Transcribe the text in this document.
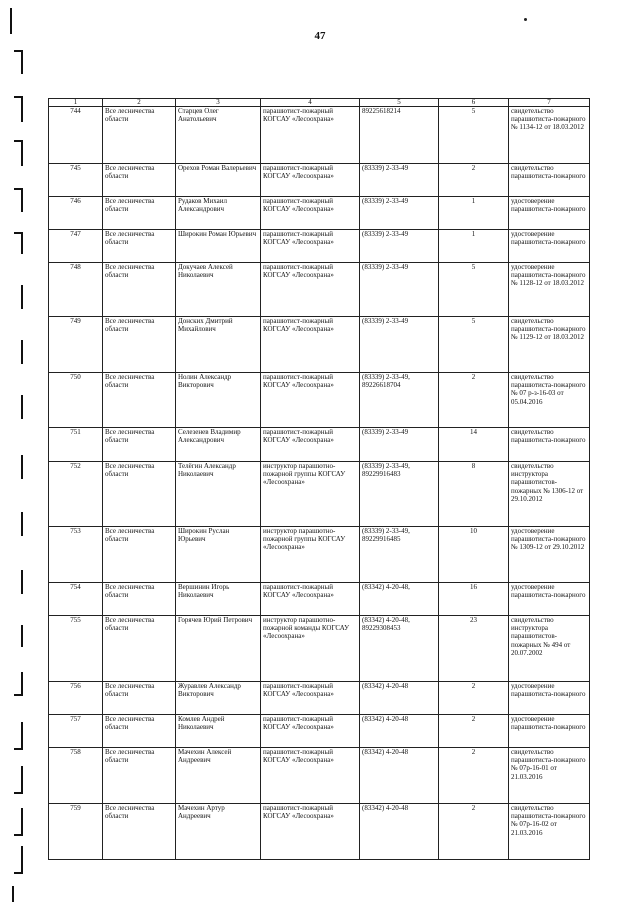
47
1	2	3	4	5	6	7
744	Все лесничества области	Старцев Олег Анатольевич	парашютист-пожарный КОГСАУ «Лесоохрана»	89225618214	5	свидетельство парашютиста-пожарного № 1134-12 от 18.03.2012
745	Все лесничества области	Орехов Роман Валерьевич	парашютист-пожарный КОГСАУ «Лесоохрана»	(83339) 2-33-49	2	свидетельство парашютиста-пожарного
746	Все лесничества области	Рудаков Михаил Александрович	парашютист-пожарный КОГСАУ «Лесоохрана»	(83339) 2-33-49	1	удостоверение парашютиста-пожарного
747	Все лесничества области	Широкин Роман Юрьевич	парашютист-пожарный КОГСАУ «Лесоохрана»	(83339) 2-33-49	1	удостоверение парашютиста-пожарного
748	Все лесничества области	Докучаев Алексей Николаевич	парашютист-пожарный КОГСАУ «Лесоохрана»	(83339) 2-33-49	5	удостоверение парашютиста-пожарного № 1128-12 от 18.03.2012
749	Все лесничества области	Донских Дмитрий Михайлович	парашютист-пожарный КОГСАУ «Лесоохрана»	(83339) 2-33-49	5	свидетельство парашютиста-пожарного № 1129-12 от 18.03.2012
750	Все лесничества области	Нолин Александр Викторович	парашютист-пожарный КОГСАУ «Лесоохрана»	(83339) 2-33-49, 89226618704	2	свидетельство парашютиста-пожарного № 07 р-з-16-03 от 05.04.2016
751	Все лесничества области	Селезенев Владимир Александрович	парашютист-пожарный КОГСАУ «Лесоохрана»	(83339) 2-33-49	14	свидетельство парашютиста-пожарного
752	Все лесничества области	Телёгин Александр Николаевич	инструктор парашютно-пожарной группы КОГСАУ «Лесоохрана»	(83339) 2-33-49, 89229916483	8	свидетельство инструктора парашютистов-пожарных № 1306-12 от 29.10.2012
753	Все лесничества области	Широкин Руслан Юрьевич	инструктор парашютно-пожарной группы КОГСАУ «Лесоохрана»	(83339) 2-33-49, 89229916485	10	удостоверение парашютиста-пожарного № 1309-12 от 29.10.2012
754	Все лесничества области	Вершинин Игорь Николаевич	парашютист-пожарный КОГСАУ «Лесоохрана»	(83342) 4-20-48,	16	удостоверение парашютиста-пожарного
755	Все лесничества области	Горячев Юрий Петрович	инструктор парашютно-пожарной команды КОГСАУ «Лесоохрана»	(83342) 4-20-48, 89229308453	23	свидетельство инструктора парашютистов-пожарных № 494 от 20.07.2002
756	Все лесничества области	Журавлев Александр Викторович	парашютист-пожарный КОГСАУ «Лесоохрана»	(83342) 4-20-48	2	удостоверение парашютиста-пожарного
757	Все лесничества области	Комлев Андрей Николаевич	парашютист-пожарный КОГСАУ «Лесоохрана»	(83342) 4-20-48	2	удостоверение парашютиста-пожарного
758	Все лесничества области	Мачехин Алексей Андреевич	парашютист-пожарный КОГСАУ «Лесоохрана»	(83342) 4-20-48	2	свидетельство парашютиста-пожарного № 07р-16-01 от 21.03.2016
759	Все лесничества области	Мачехин Артур Андреевич	парашютист-пожарный КОГСАУ «Лесоохрана»	(83342) 4-20-48	2	свидетельство парашютиста-пожарного № 07р-16-02 от 21.03.2016
